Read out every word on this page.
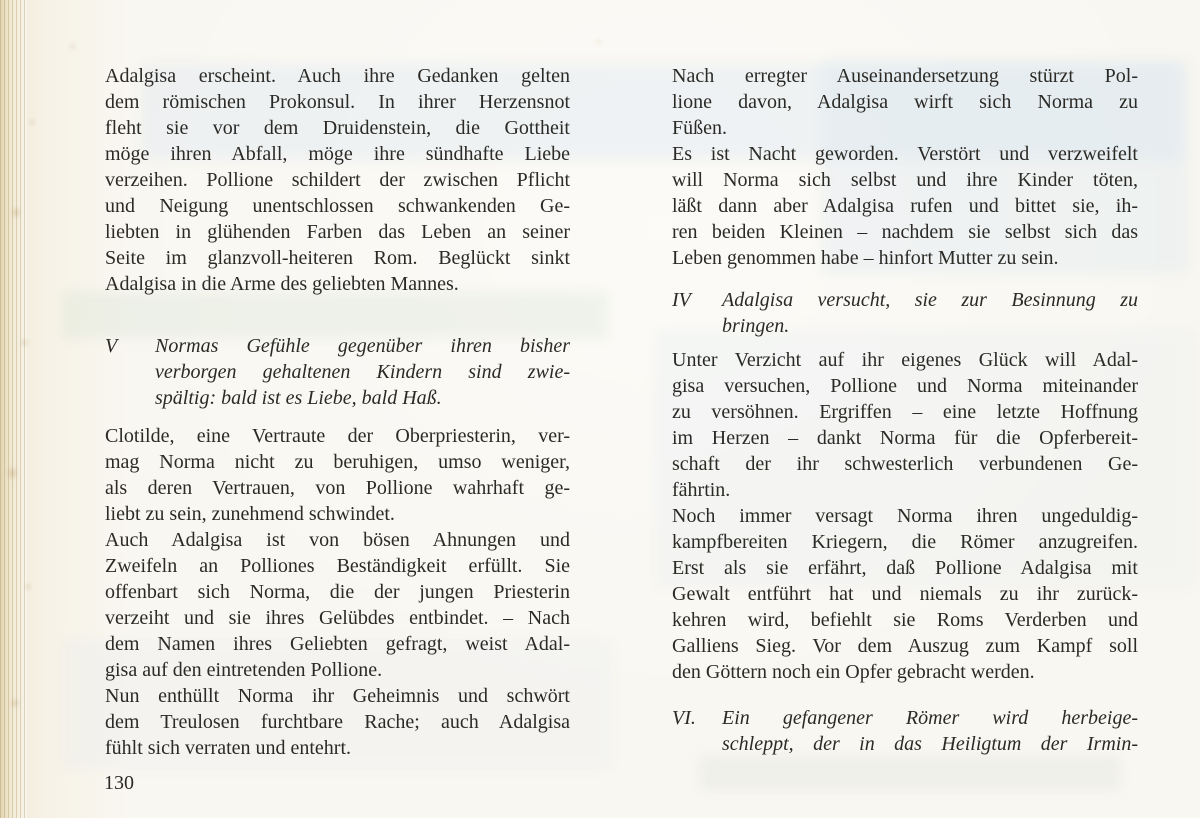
Adalgisa erscheint. Auch ihre Gedanken gelten
dem römischen Prokonsul. In ihrer Herzensnot
fleht sie vor dem Druidenstein, die Gottheit
möge ihren Abfall, möge ihre sündhafte Liebe
verzeihen. Pollione schildert der zwischen Pflicht
und Neigung unentschlossen schwankenden Ge-
liebten in glühenden Farben das Leben an seiner
Seite im glanzvoll-heiteren Rom. Beglückt sinkt
Adalgisa in die Arme des geliebten Mannes.
V	Normas Gefühle gegenüber ihren bisher
verborgen gehaltenen Kindern sind zwie-
spältig: bald ist es Liebe, bald Haß.
Clotilde, eine Vertraute der Oberpriesterin, ver-
mag Norma nicht zu beruhigen, umso weniger,
als deren Vertrauen, von Pollione wahrhaft ge-
liebt zu sein, zunehmend schwindet.
Auch Adalgisa ist von bösen Ahnungen und
Zweifeln an Polliones Beständigkeit erfüllt. Sie
offenbart sich Norma, die der jungen Priesterin
verzeiht und sie ihres Gelübdes entbindet. – Nach
dem Namen ihres Geliebten gefragt, weist Adal-
gisa auf den eintretenden Pollione.
Nun enthüllt Norma ihr Geheimnis und schwört
dem Treulosen furchtbare Rache; auch Adalgisa
fühlt sich verraten und entehrt.
Nach erregter Auseinandersetzung stürzt Pol-
lione davon, Adalgisa wirft sich Norma zu
Füßen.
Es ist Nacht geworden. Verstört und verzweifelt
will Norma sich selbst und ihre Kinder töten,
läßt dann aber Adalgisa rufen und bittet sie, ih-
ren beiden Kleinen – nachdem sie selbst sich das
Leben genommen habe – hinfort Mutter zu sein.
IV	Adalgisa versucht, sie zur Besinnung zu
bringen.
Unter Verzicht auf ihr eigenes Glück will Adal-
gisa versuchen, Pollione und Norma miteinander
zu versöhnen. Ergriffen – eine letzte Hoffnung
im Herzen – dankt Norma für die Opferbereit-
schaft der ihr schwesterlich verbundenen Ge-
fährtin.
Noch immer versagt Norma ihren ungeduldig-
kampfbereiten Kriegern, die Römer anzugreifen.
Erst als sie erfährt, daß Pollione Adalgisa mit
Gewalt entführt hat und niemals zu ihr zurück-
kehren wird, befiehlt sie Roms Verderben und
Galliens Sieg. Vor dem Auszug zum Kampf soll
den Göttern noch ein Opfer gebracht werden.
VI.	Ein gefangener Römer wird herbeige-
schleppt, der in das Heiligtum der Irmin-
130
